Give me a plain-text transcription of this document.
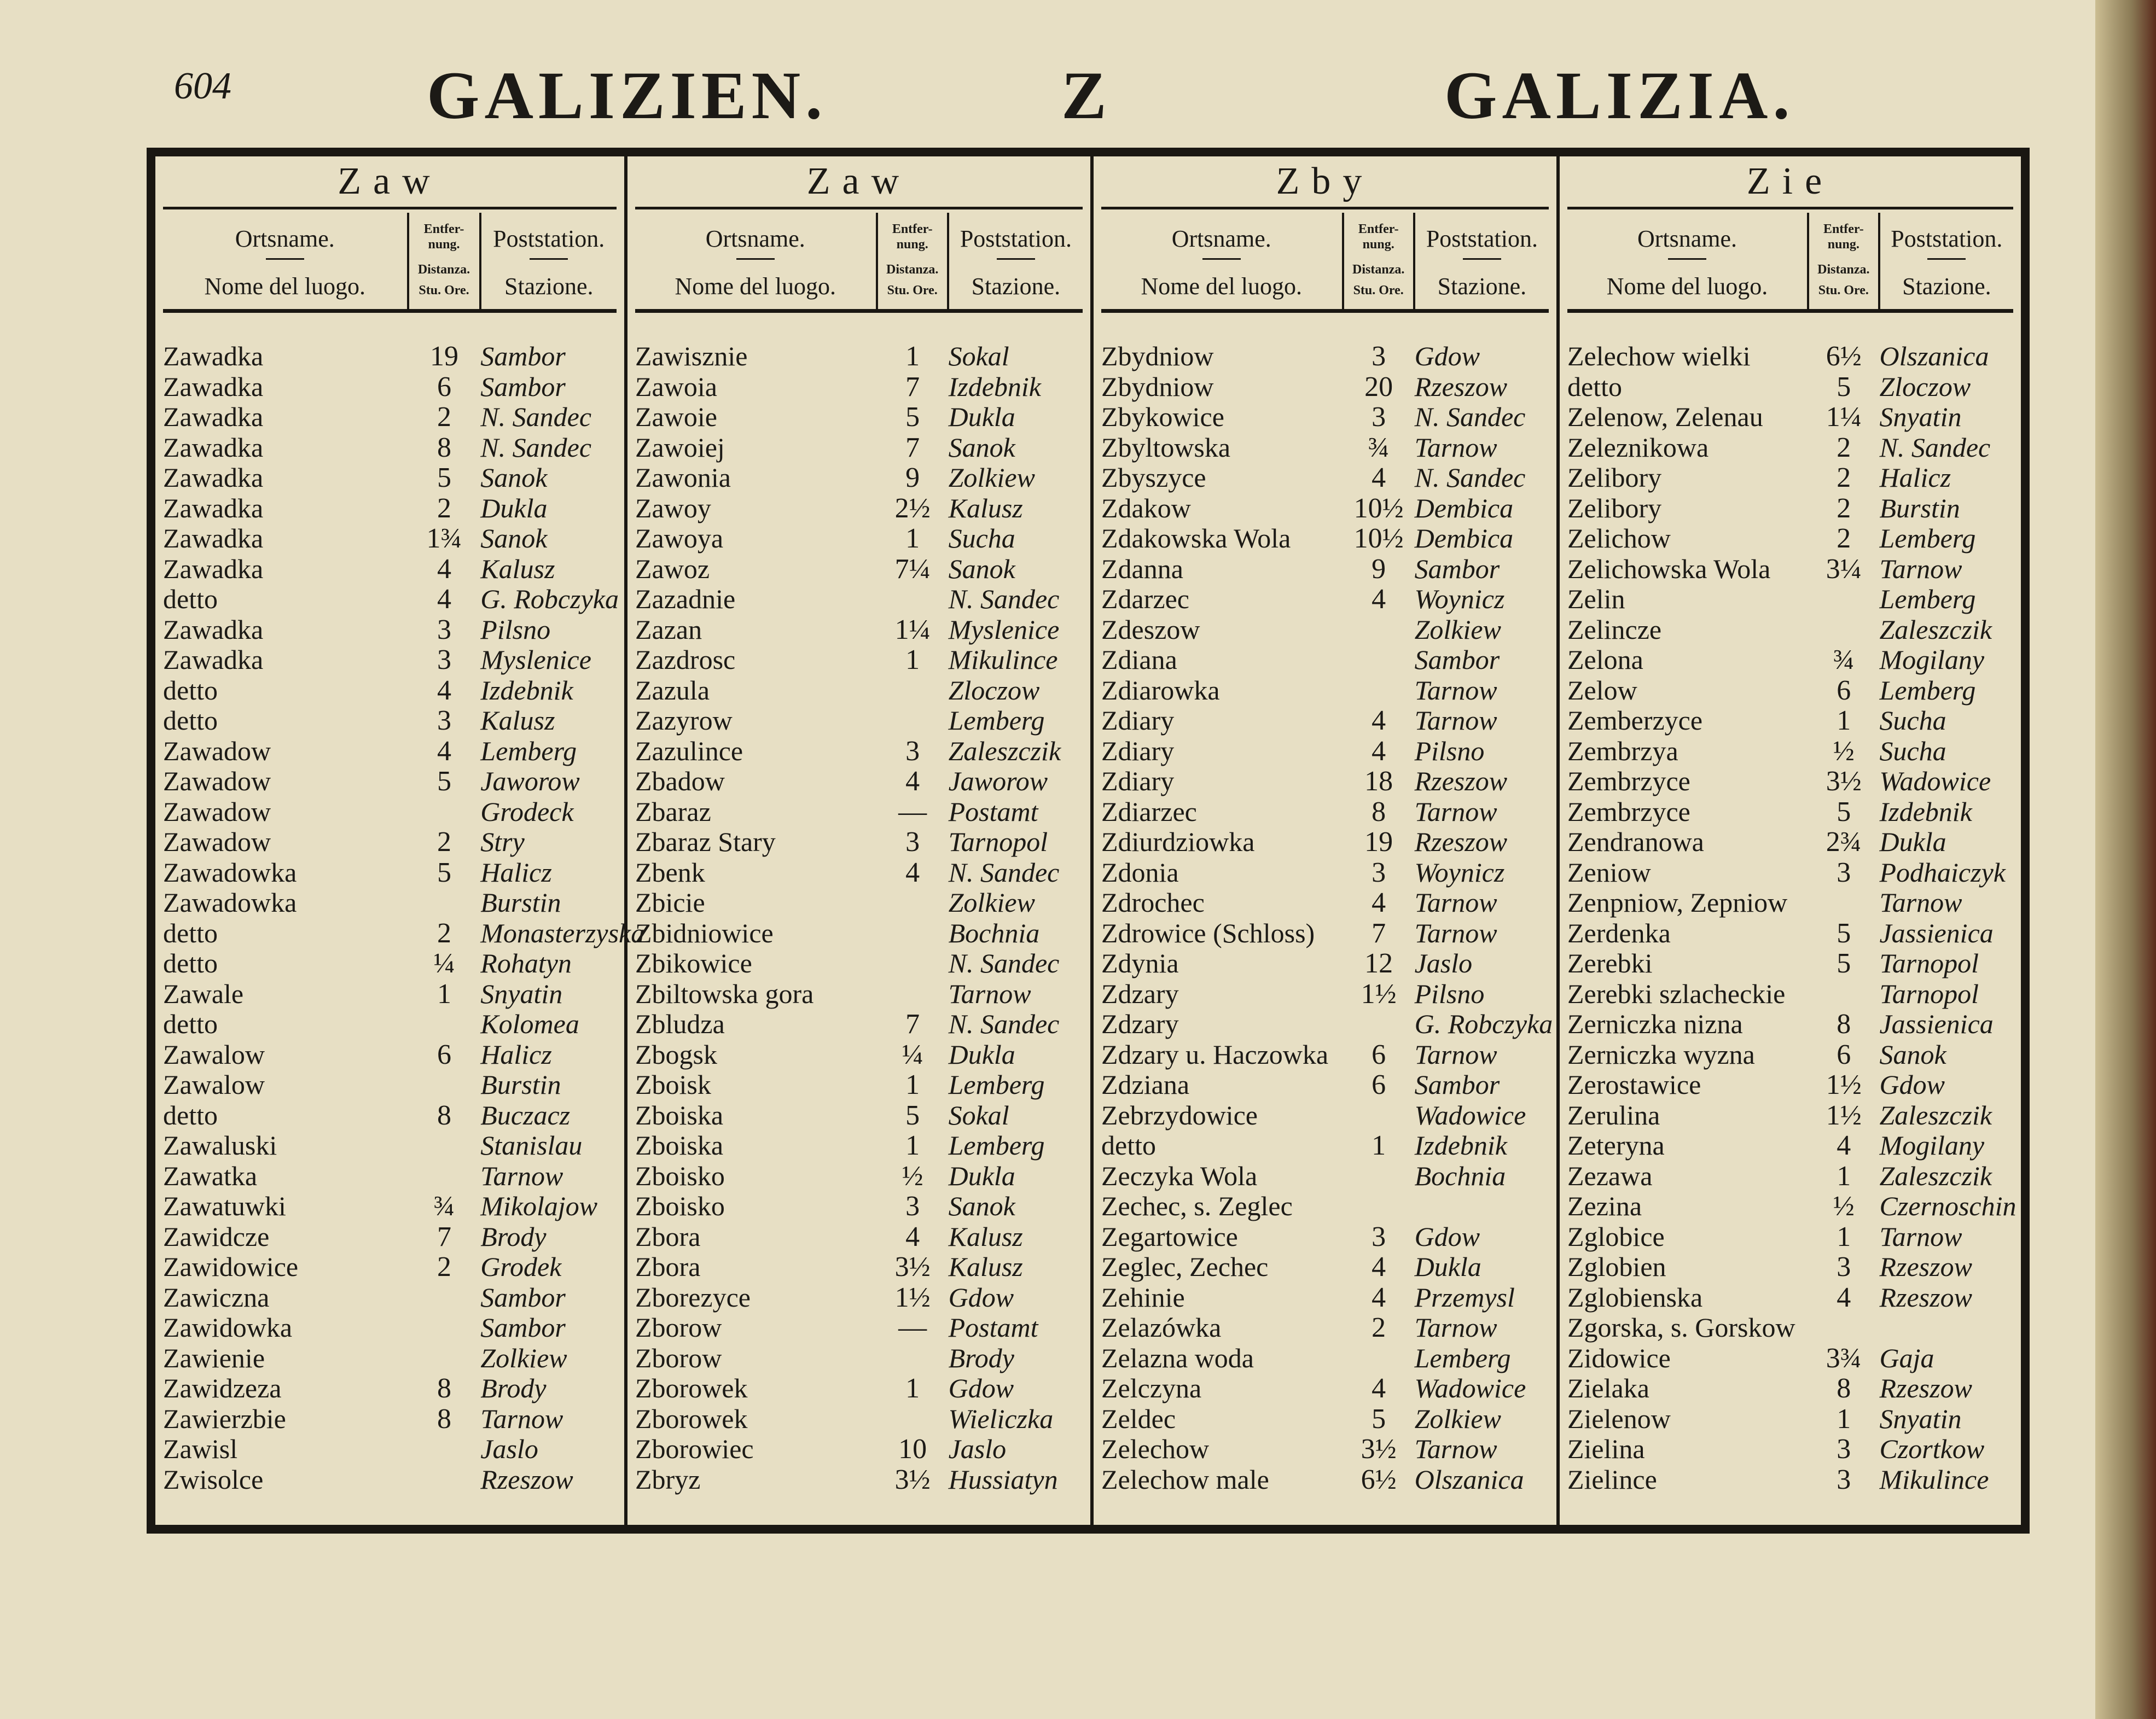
604	GALIZIEN.	Z	GALIZIA.
Zaw
Ortsname.
Nome del luogo.
Entfer-
nung.
Distanza.
Stu. Ore.
Poststation.
Stazione.
Zawadka	19 Sambor
Zawadka	6	Sambor
Zawadka	2	N. Sandec
Zawadka	8	N. Sandec
Zawadka	5	Sanok
Zawadka	2	Dukla
Zawadka	1¾ Sanok
Zawadka	4	Kalusz
detto	4	G. Robczyka
Zawadka	3	Pilsno
Zawadka	3	Myslenice
detto	4	Izdebnik
detto	3	Kalusz
Zawadow	4	Lemberg
Zawadow	5	Jaworow
Zawadow	Grodeck
Zawadow	2	Stry
Zawadowka	5	Halicz
Zawadowka	Burstin
detto	2	Monasterzyska
detto	¼ Rohatyn
Zawale	1	Snyatin
detto	Kolomea
Zawalow	6	Halicz
Zawalow	Burstin
detto	8	Buczacz
Zawaluski	Stanislau
Zawatka	Tarnow
Zawatuwki	¾ Mikolajow
Zawidcze	7	Brody
Zawidowice	2	Grodek
Zawiczna	Sambor
Zawidowka	Sambor
Zawienie	Zolkiew
Zawidzeza	8	Brody
Zawierzbie	8	Tarnow
Zawisl	Jaslo
Zwisolce	Rzeszow
Zaw
Ortsname.
Nome del luogo.
Entfer-
nung.
Distanza.
Stu. Ore.
Poststation.
Stazione.
Zawisznie	1	Sokal
Zawoia	7	Izdebnik
Zawoie	5	Dukla
Zawoiej	7	Sanok
Zawonia	9	Zolkiew
Zawoy	2½ Kalusz
Zawoya	1	Sucha
Zawoz	7¼ Sanok
Zazadnie	N. Sandec
Zazan	1¼ Myslenice
Zazdrosc	1	Mikulince
Zazula	Zloczow
Zazyrow	Lemberg
Zazulince	3	Zaleszczik
Zbadow	4	Jaworow
Zbaraz	— Postamt
Zbaraz Stary	3	Tarnopol
Zbenk	4	N. Sandec
Zbicie	Zolkiew
Zbidniowice	Bochnia
Zbikowice	N. Sandec
Zbiltowska gora	Tarnow
Zbludza	7	N. Sandec
Zbogsk	¼ Dukla
Zboisk	1	Lemberg
Zboiska	5	Sokal
Zboiska	1	Lemberg
Zboisko	½ Dukla
Zboisko	3	Sanok
Zbora	4	Kalusz
Zbora	3½ Kalusz
Zborezyce	1½ Gdow
Zborow	— Postamt
Zborow	Brody
Zborowek	1	Gdow
Zborowek	Wieliczka
Zborowiec	10 Jaslo
Zbryz	3½ Hussiatyn
Zby
Ortsname.
Nome del luogo.
Entfer-
nung.
Distanza.
Stu. Ore.
Poststation.
Stazione.
Zbydniow	3	Gdow
Zbydniow	20 Rzeszow
Zbykowice	3	N. Sandec
Zbyltowska	¾ Tarnow
Zbyszyce	4	N. Sandec
Zdakow	10½ Dembica
Zdakowska Wola	10½ Dembica
Zdanna	9	Sambor
Zdarzec	4	Woynicz
Zdeszow	Zolkiew
Zdiana	Sambor
Zdiarowka	Tarnow
Zdiary	4	Tarnow
Zdiary	4	Pilsno
Zdiary	18 Rzeszow
Zdiarzec	8	Tarnow
Zdiurdziowka	19 Rzeszow
Zdonia	3	Woynicz
Zdrochec	4	Tarnow
Zdrowice (Schloss)	7	Tarnow
Zdynia	12 Jaslo
Zdzary	1½ Pilsno
Zdzary	G. Robczyka
Zdzary u. Haczowka	6	Tarnow
Zdziana	6	Sambor
Zebrzydowice	Wadowice
detto	1	Izdebnik
Zeczyka Wola	Bochnia
Zechec, s. Zeglec
Zegartowice	3	Gdow
Zeglec, Zechec	4	Dukla
Zehinie	4	Przemysl
Zelazówka	2	Tarnow
Zelazna woda	Lemberg
Zelczyna	4	Wadowice
Zeldec	5	Zolkiew
Zelechow	3½ Tarnow
Zelechow male	6½ Olszanica
Zie
Ortsname.
Nome del luogo.
Entfer-
nung.
Distanza.
Stu. Ore.
Poststation.
Stazione.
Zelechow wielki	6½ Olszanica
detto	5	Zloczow
Zelenow, Zelenau	1¼ Snyatin
Zeleznikowa	2	N. Sandec
Zelibory	2	Halicz
Zelibory	2	Burstin
Zelichow	2	Lemberg
Zelichowska Wola	3¼ Tarnow
Zelin	Lemberg
Zelincze	Zaleszczik
Zelona	¾ Mogilany
Zelow	6	Lemberg
Zemberzyce	1	Sucha
Zembrzya	½ Sucha
Zembrzyce	3½ Wadowice
Zembrzyce	5	Izdebnik
Zendranowa	2¾ Dukla
Zeniow	3	Podhaiczyk
Zenpniow, Zepniow	Tarnow
Zerdenka	5	Jassienica
Zerebki	5	Tarnopol
Zerebki szlacheckie	Tarnopol
Zerniczka nizna	8	Jassienica
Zerniczka wyzna	6	Sanok
Zerostawice	1½ Gdow
Zerulina	1½ Zaleszczik
Zeteryna	4	Mogilany
Zezawa	1	Zaleszczik
Zezina	½ Czernoschin
Zglobice	1	Tarnow
Zglobien	3	Rzeszow
Zglobienska	4	Rzeszow
Zgorska, s. Gorskow
Zidowice	3¾ Gaja
Zielaka	8	Rzeszow
Zielenow	1	Snyatin
Zielina	3	Czortkow
Zielince	3	Mikulince
